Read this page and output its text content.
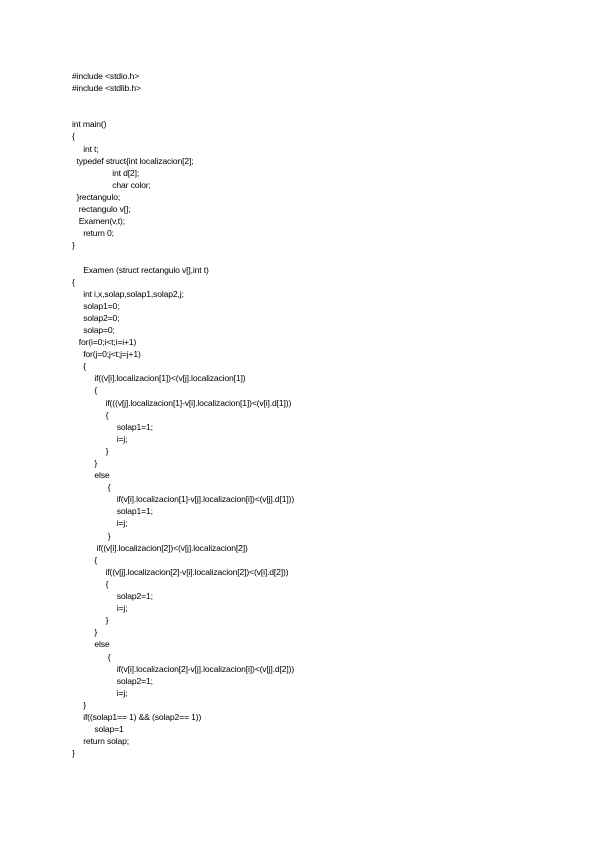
#include <stdio.h>
#include <stdlib.h>
int main()
{
int t;
typedef struct{int localizacion[2];
int d[2];
char color;
}rectangulo;
rectangulo v[];
Examen(v,t);
return 0;
}
Examen (struct rectangulo v[],int t)
{
int i,x,solap,solap1,solap2,j;
solap1=0;
solap2=0;
solap=0;
for(i=0;i<t;i=i+1)
for(j=0;j<t;j=j+1)
{
if((v[i].localizacion[1])<(v[j].localizacion[1])
{
if(((v[j].localizacion[1]-v[i].localizacion[1])<(v[i].d[1]))
{
solap1=1;
i=j;
}
}
else
{
if(v[i].localizacion[1]-v[j].localizacion[i])<(v[j].d[1]))
solap1=1;
i=j;
}
if((v[i].localizacion[2])<(v[j].localizacion[2])
{
if((v[j].localizacion[2]-v[i].localizacion[2])<(v[i].d[2]))
{
solap2=1;
i=j;
}
}
else
{
if(v[i].localizacion[2]-v[j].localizacion[i])<(v[j].d[2]))
solap2=1;
i=j;
}
if((solap1== 1) && (solap2== 1))
solap=1
return solap;
}
